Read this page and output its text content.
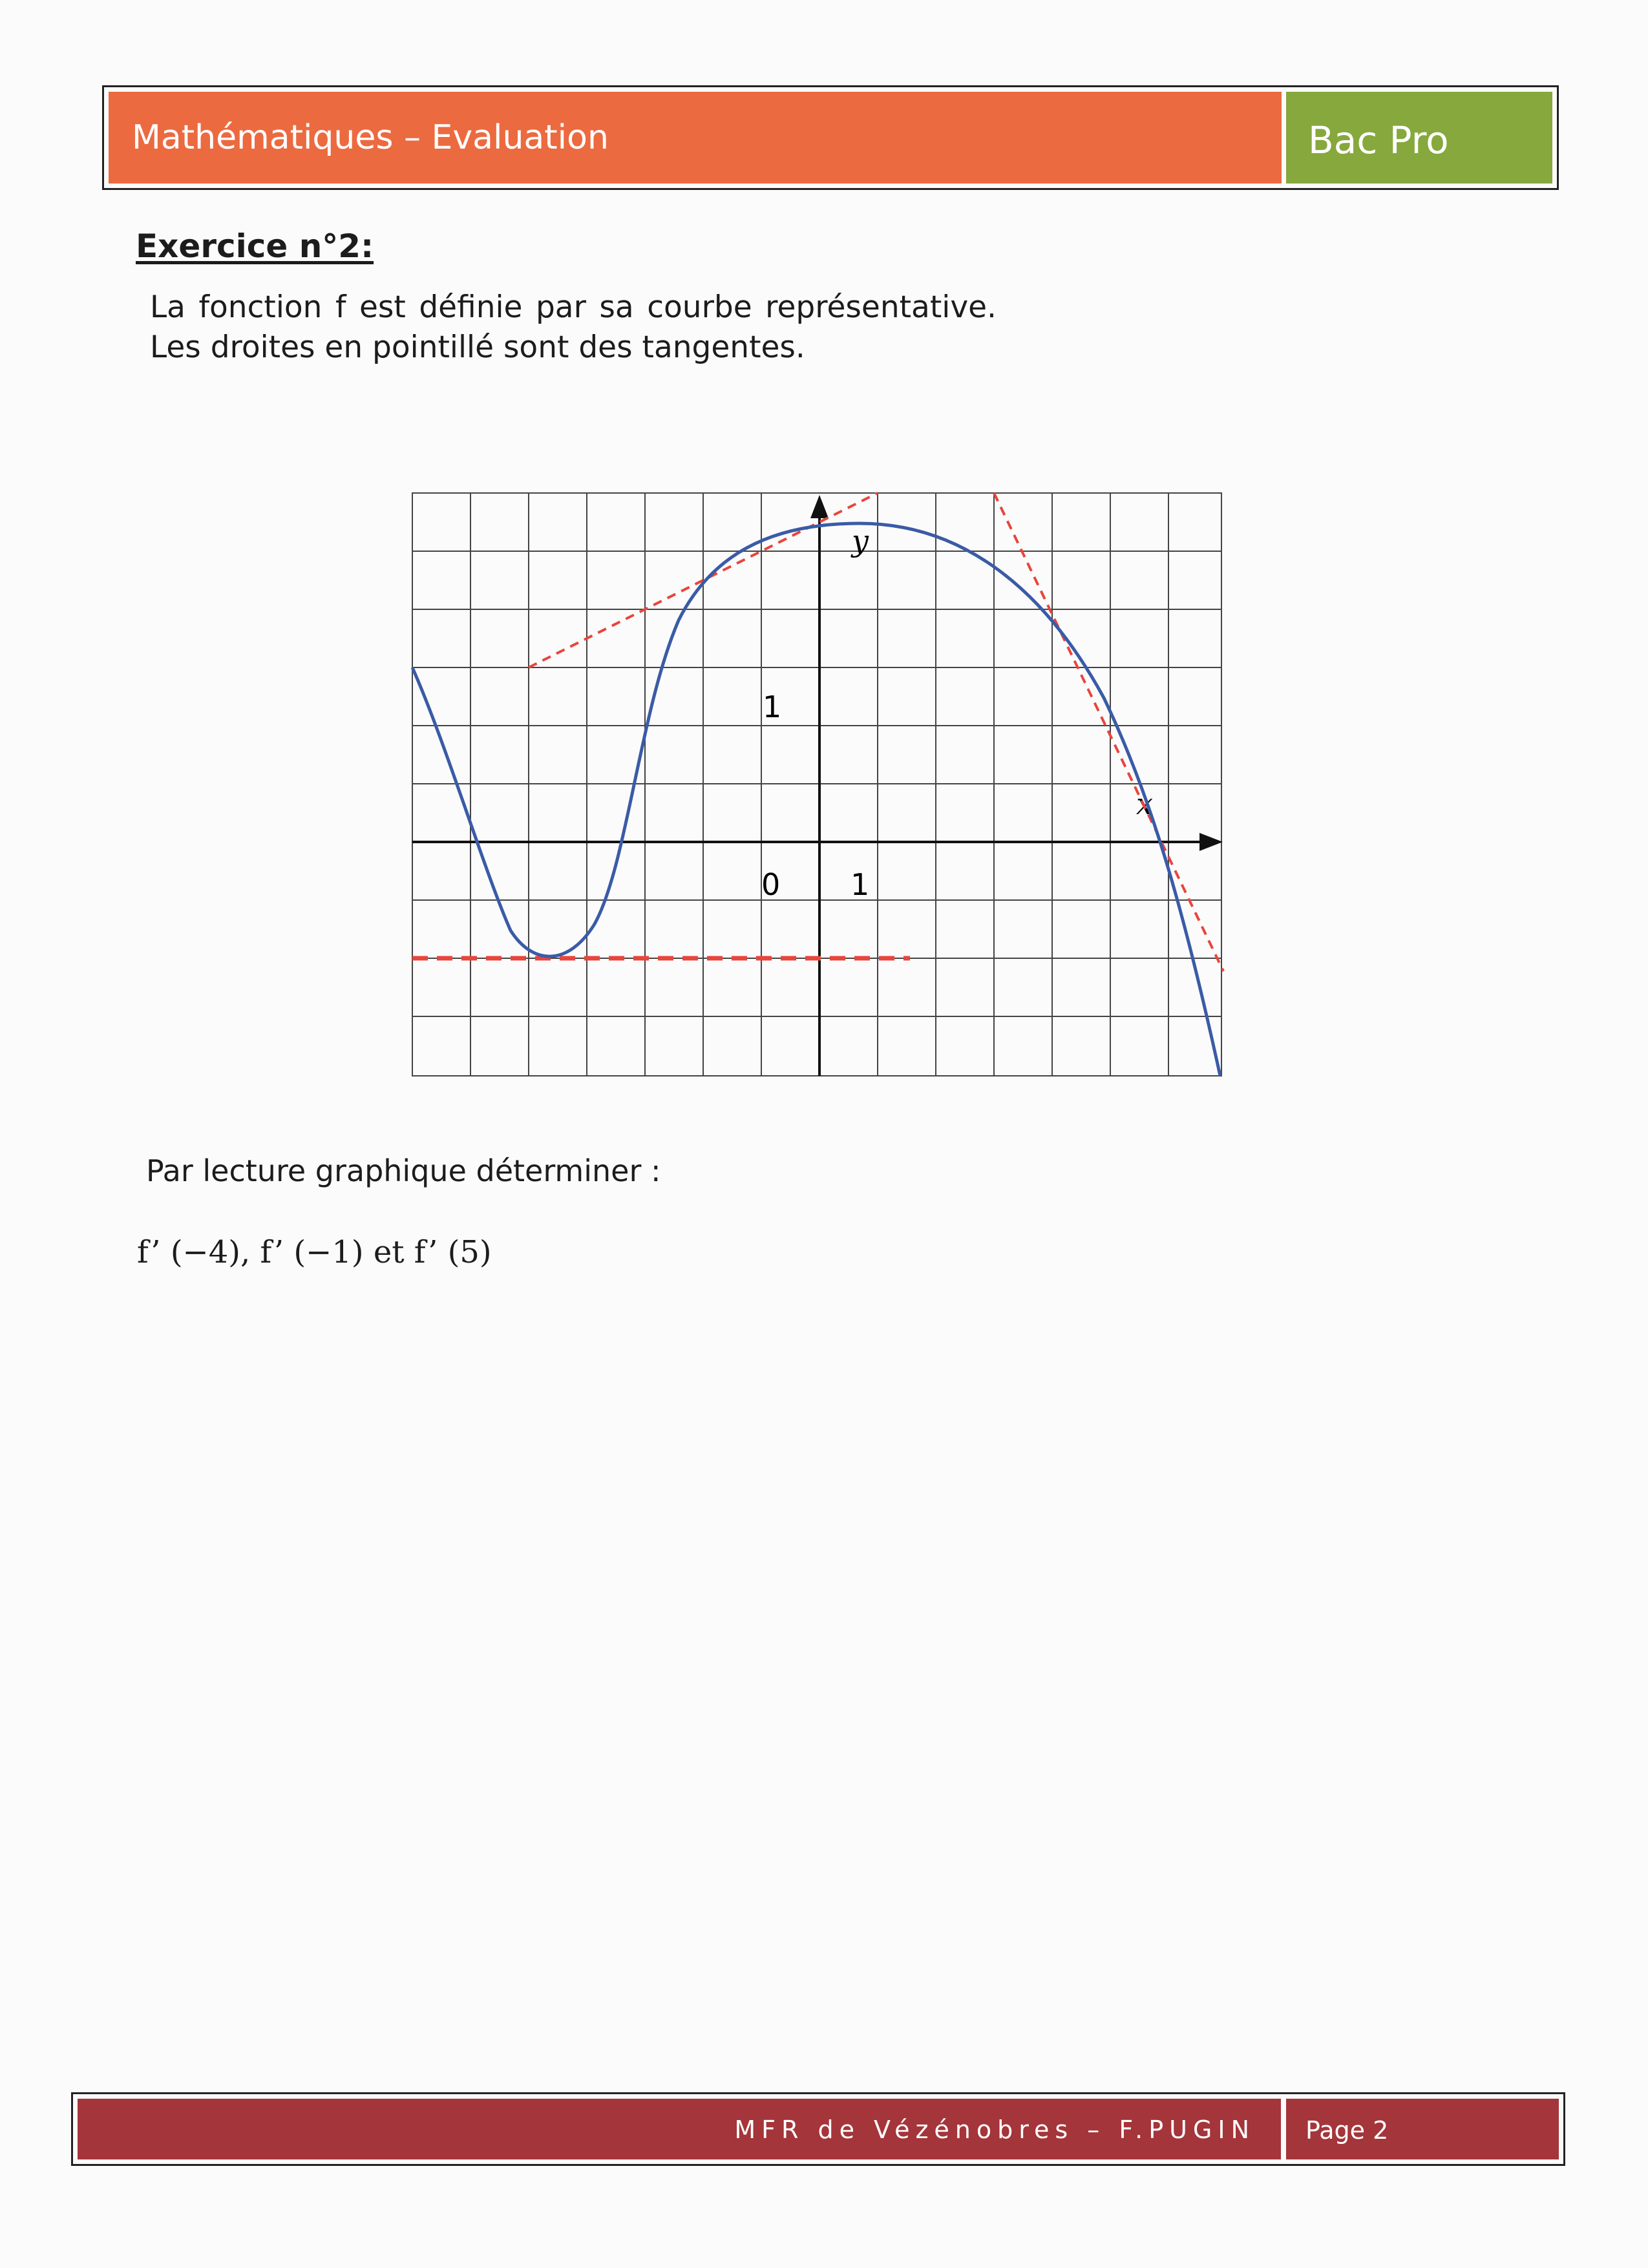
Mathématiques – Evaluation	Bac Pro
Exercice n°2:
La fonction f est définie par sa courbe représentative. Les droites en pointillé sont des tangentes.
y
x
1
0 1
Par lecture graphique déterminer :
f’ (−4), f’ (−1) et f’ (5)
MFR de Vézénobres – F.PUGIN	Page 2
